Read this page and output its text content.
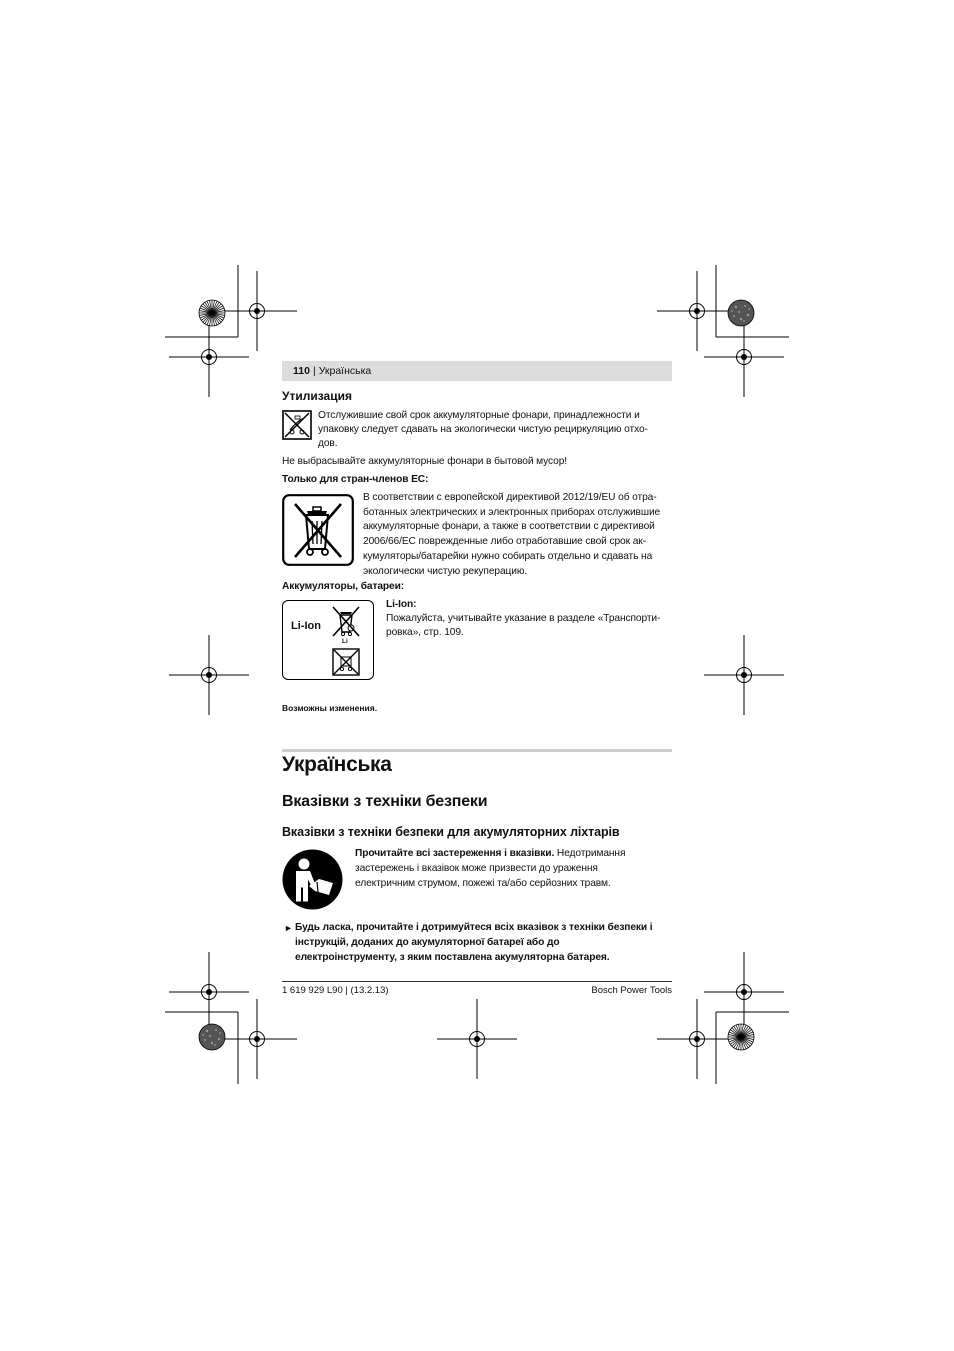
110 | Українська
Утилизация
Отслужившие свой срок аккумуляторные фонари, принадлежности и
упаковку следует сдавать на экологически чистую рециркуляцию отхо-
дов.
Не выбрасывайте аккумуляторные фонари в бытовой мусор!
Только для стран-членов ЕС:
В соответствии с европейской директивой 2012/19/EU об отра-
ботанных электрических и электронных приборах отслужившие
аккумуляторные фонари, а также в соответствии с директивой
2006/66/EC поврежденные либо отработавшие свой срок ак-
кумуляторы/батарейки нужно собирать отдельно и сдавать на
экологически чистую рекуперацию.
Аккумуляторы, батареи:
Li-Ion
Li
Li-Ion:
Пожалуйста, учитывайте указание в разделе «Транспорти-
ровка», стр. 109.
Возможны изменения.
Українська
Вказівки з техніки безпеки
Вказівки з техніки безпеки для акумуляторних ліхтарів
Прочитайте всі застереження і вказівки. Недотримання
застережень і вказівок може призвести до ураження
електричним струмом, пожежі та/або серйозних травм.
► Будь ласка, прочитайте і дотримуйтеся всіх вказівок з техніки безпеки і
інструкцій, доданих до акумуляторної батареї або до
електроінструменту, з яким поставлена акумуляторна батарея.
1 619 929 L90 | (13.2.13)	Bosch Power Tools
